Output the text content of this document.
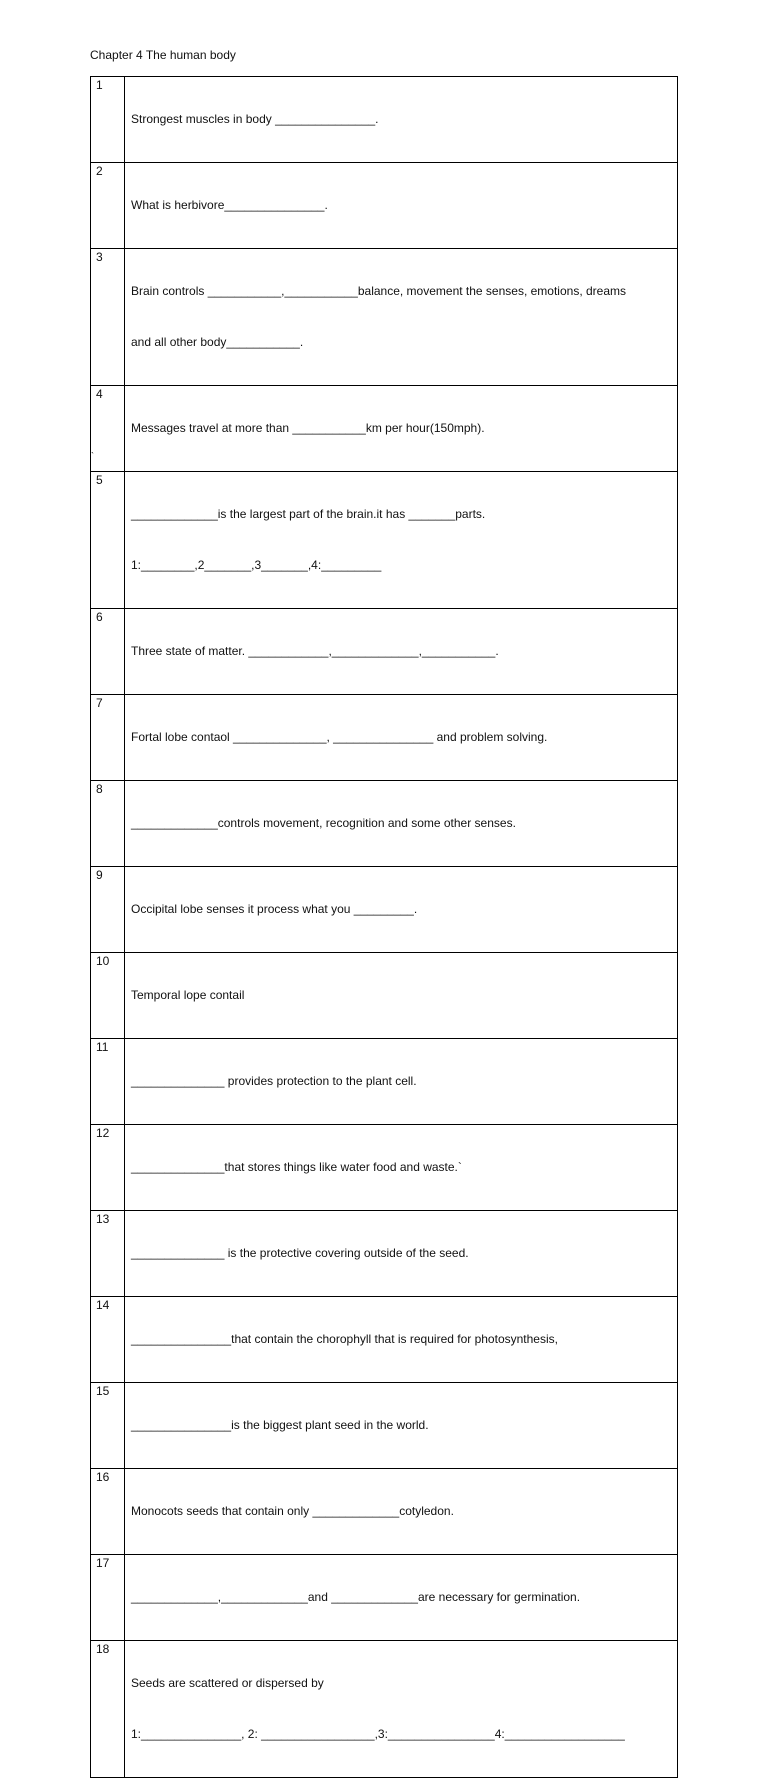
Chapter 4 The human body
1	Strongest muscles in body _______________.

2	What is herbivore_______________.

3	Brain controls ___________,___________balance, movement the senses, emotions, dreams

and all other body___________.

4	Messages travel at more than ___________km per hour(150mph).

5	_____________is the largest part of the brain.it has _______parts.

1:________,2_______,3_______,4:_________

6	Three state of matter. ____________,_____________,___________.

7	Fortal lobe contaol ______________, _______________ and problem solving.

8	_____________controls movement, recognition and some other senses.

9	Occipital lobe senses it process what you _________.

10	Temporal lope contail

11	______________ provides protection to the plant cell.

12	______________that stores things like water food and waste.`

13	______________ is the protective covering outside of the seed.

14	_______________that contain the chorophyll that is required for photosynthesis,

15	_______________is the biggest plant seed in the world.

16	Monocots seeds that contain only _____________cotyledon.

17	_____________,_____________and _____________are necessary for germination.

18	Seeds are scattered or dispersed by

1:_______________, 2: _________________,3:________________4:__________________

`
